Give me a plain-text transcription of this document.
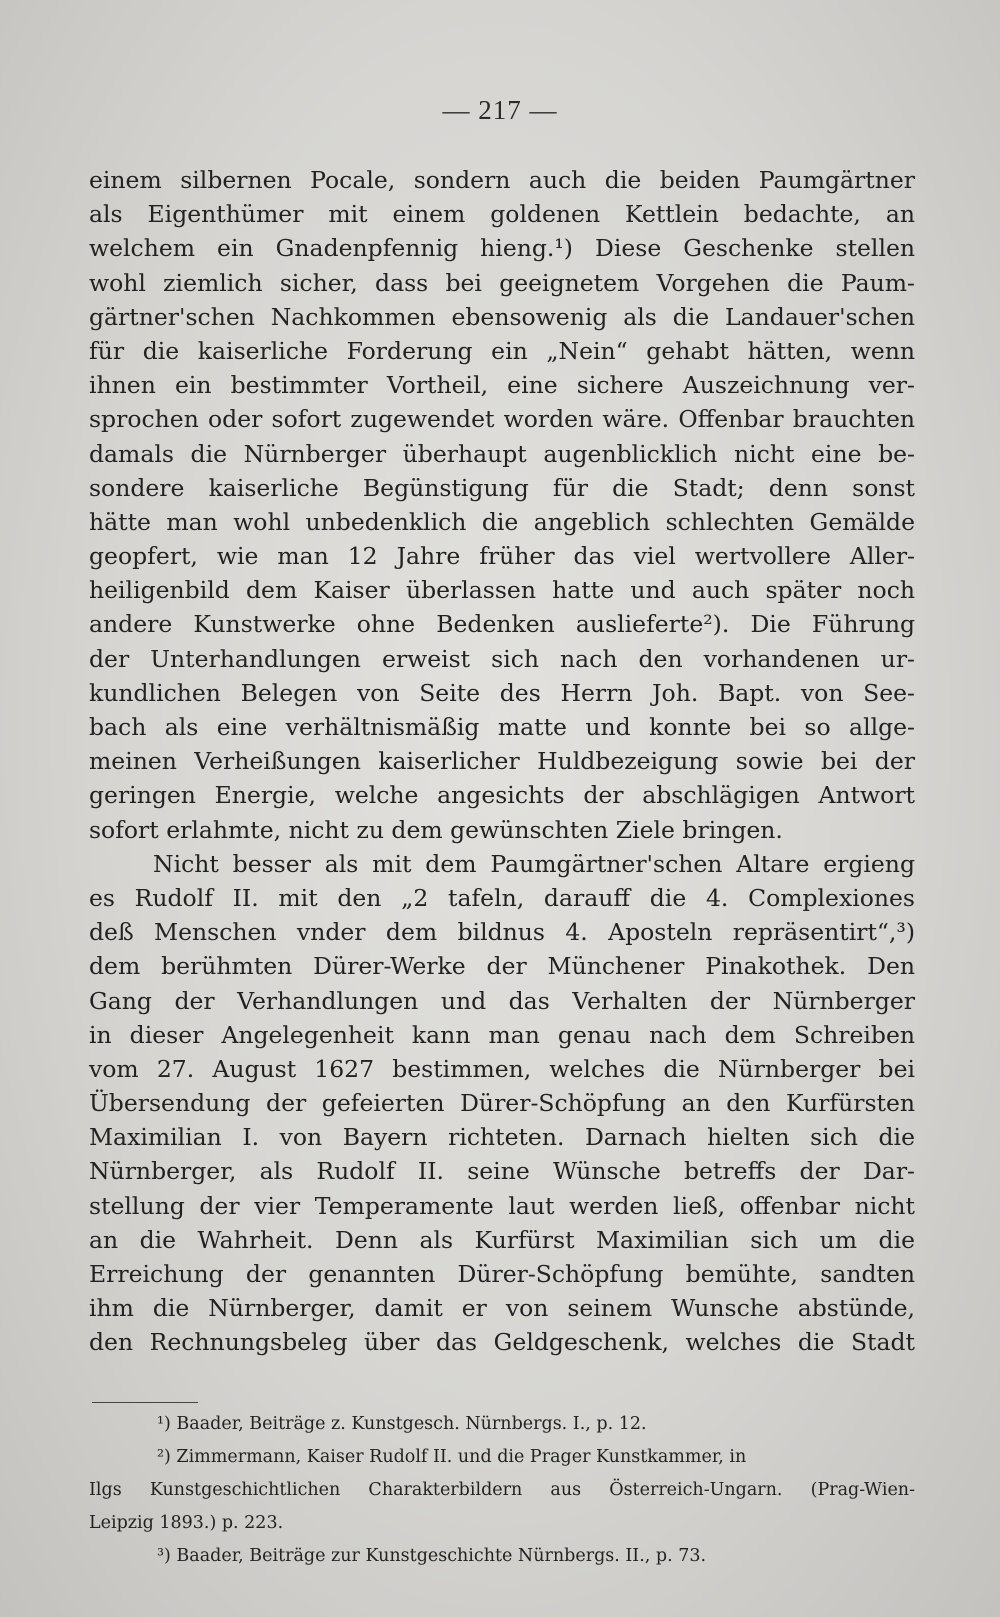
— 217 —
einem silbernen Pocale, sondern auch die beiden Paumgärtner
als Eigenthümer mit einem goldenen Kettlein bedachte, an
welchem ein Gnadenpfennig hieng.¹) Diese Geschenke stellen
wohl ziemlich sicher, dass bei geeignetem Vorgehen die Paum-
gärtner'schen Nachkommen ebensowenig als die Landauer'schen
für die kaiserliche Forderung ein „Nein“ gehabt hätten, wenn
ihnen ein bestimmter Vortheil, eine sichere Auszeichnung ver-
sprochen oder sofort zugewendet worden wäre. Offenbar brauchten
damals die Nürnberger überhaupt augenblicklich nicht eine be-
sondere kaiserliche Begünstigung für die Stadt; denn sonst
hätte man wohl unbedenklich die angeblich schlechten Gemälde
geopfert, wie man 12 Jahre früher das viel wertvollere Aller-
heiligenbild dem Kaiser überlassen hatte und auch später noch
andere Kunstwerke ohne Bedenken auslieferte²). Die Führung
der Unterhandlungen erweist sich nach den vorhandenen ur-
kundlichen Belegen von Seite des Herrn Joh. Bapt. von See-
bach als eine verhältnismäßig matte und konnte bei so allge-
meinen Verheißungen kaiserlicher Huldbezeigung sowie bei der
geringen Energie, welche angesichts der abschlägigen Antwort
sofort erlahmte, nicht zu dem gewünschten Ziele bringen.
Nicht besser als mit dem Paumgärtner'schen Altare ergieng
es Rudolf II. mit den „2 tafeln, darauff die 4. Complexiones
deß Menschen vnder dem bildnus 4. Aposteln repräsentirt“,³)
dem berühmten Dürer-Werke der Münchener Pinakothek. Den
Gang der Verhandlungen und das Verhalten der Nürnberger
in dieser Angelegenheit kann man genau nach dem Schreiben
vom 27. August 1627 bestimmen, welches die Nürnberger bei
Übersendung der gefeierten Dürer-Schöpfung an den Kurfürsten
Maximilian I. von Bayern richteten. Darnach hielten sich die
Nürnberger, als Rudolf II. seine Wünsche betreffs der Dar-
stellung der vier Temperamente laut werden ließ, offenbar nicht
an die Wahrheit. Denn als Kurfürst Maximilian sich um die
Erreichung der genannten Dürer-Schöpfung bemühte, sandten
ihm die Nürnberger, damit er von seinem Wunsche abstünde,
den Rechnungsbeleg über das Geldgeschenk, welches die Stadt
¹) Baader, Beiträge z. Kunstgesch. Nürnbergs. I., p. 12.
²) Zimmermann, Kaiser Rudolf II. und die Prager Kunstkammer, in
Ilgs Kunstgeschichtlichen Charakterbildern aus Österreich-Ungarn. (Prag-Wien-
Leipzig 1893.) p. 223.
³) Baader, Beiträge zur Kunstgeschichte Nürnbergs. II., p. 73.
